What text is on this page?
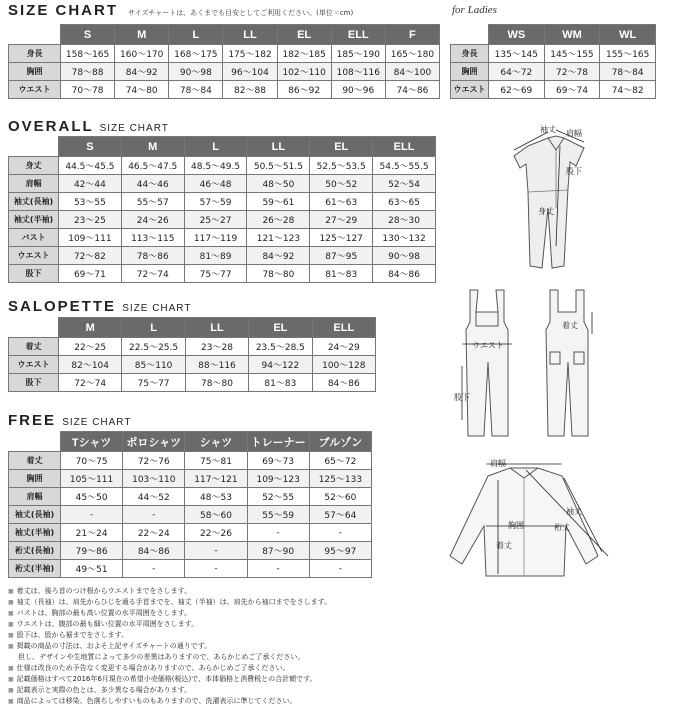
SIZE CHART サイズチャートは、あくまでも目安としてご利用ください。(単位＝cm)
	S	M	L	LL	EL	ELL	F
身長	158〜165	160〜170	168〜175	175〜182	182〜185	185〜190	165〜180
胸囲	78〜88	84〜92	90〜98	96〜104	102〜110	108〜116	84〜100
ウエスト	70〜78	74〜80	78〜84	82〜88	86〜92	90〜96	74〜86
for Ladies
	WS	WM	WL
身長	135〜145	145〜155	155〜165
胸囲	64〜72	72〜78	78〜84
ウエスト	62〜69	69〜74	74〜82
OVERALL SIZE CHART
	S	M	L	LL	EL	ELL
身丈	44.5〜45.5	46.5〜47.5	48.5〜49.5	50.5〜51.5	52.5〜53.5	54.5〜55.5
肩幅	42〜44	44〜46	46〜48	48〜50	50〜52	52〜54
袖丈(長袖)	53〜55	55〜57	57〜59	59〜61	61〜63	63〜65
袖丈(半袖)	23〜25	24〜26	25〜27	26〜28	27〜29	28〜30
バスト	109〜111	113〜115	117〜119	121〜123	125〜127	130〜132
ウエスト	72〜82	78〜86	81〜89	84〜92	87〜95	90〜98
股下	69〜71	72〜74	75〜77	78〜80	81〜83	84〜86
SALOPETTE SIZE CHART
	M	L	LL	EL	ELL
着丈	22〜25	22.5〜25.5	23〜28	23.5〜28.5	24〜29
ウエスト	82〜104	85〜110	88〜116	94〜122	100〜128
股下	72〜74	75〜77	78〜80	81〜83	84〜86
FREE SIZE CHART
	Tシャツ	ポロシャツ	シャツ	トレーナー	ブルゾン
着丈	70〜75	72〜76	75〜81	69〜73	65〜72
胸囲	105〜111	103〜110	117〜121	109〜123	125〜133
肩幅	45〜50	44〜52	48〜53	52〜55	52〜60
袖丈(長袖)	-	-	58〜60	55〜59	57〜64
袖丈(半袖)	21〜24	22〜24	22〜26	-	-
裄丈(長袖)	79〜86	84〜86	-	87〜90	95〜97
裄丈(半袖)	49〜51	-	-	-	-
袖丈 肩幅
身丈
股下
着丈
ウエスト
股下
肩幅
袖丈
裄丈
胸囲
着丈
■ 着丈は、後ろ首のつけ根からウエストまでをさします。
■ 袖丈（長袖）は、肩先からひじを通る手首までを、袖丈（半袖）は、肩先から袖口までをさします。
■ バストは、胸部の最も高い位置の水平周囲をさします。
■ ウエストは、腹部の最も細い位置の水平周囲をさします。
■ 股下は、股から裾までをさします。
■ 掲載の商品の寸法は、およそ上記サイズチャートの通りです。
但し、デザインや生地質によって多少の差異はありますので、あらかじめご了承ください。
■ 仕様は改良のため予告なく変更する場合がありますので、あらかじめご了承ください。
■ 記載価格はすべて2016年6月現在の希望小売価格(税込)で、本体価格と消費税との合計額です。
■ 記載表示と実際の色とは、多少異なる場合があります。
■ 商品によっては移染、色落ちしやすいものもありますので、洗濯表示に準じてください。
